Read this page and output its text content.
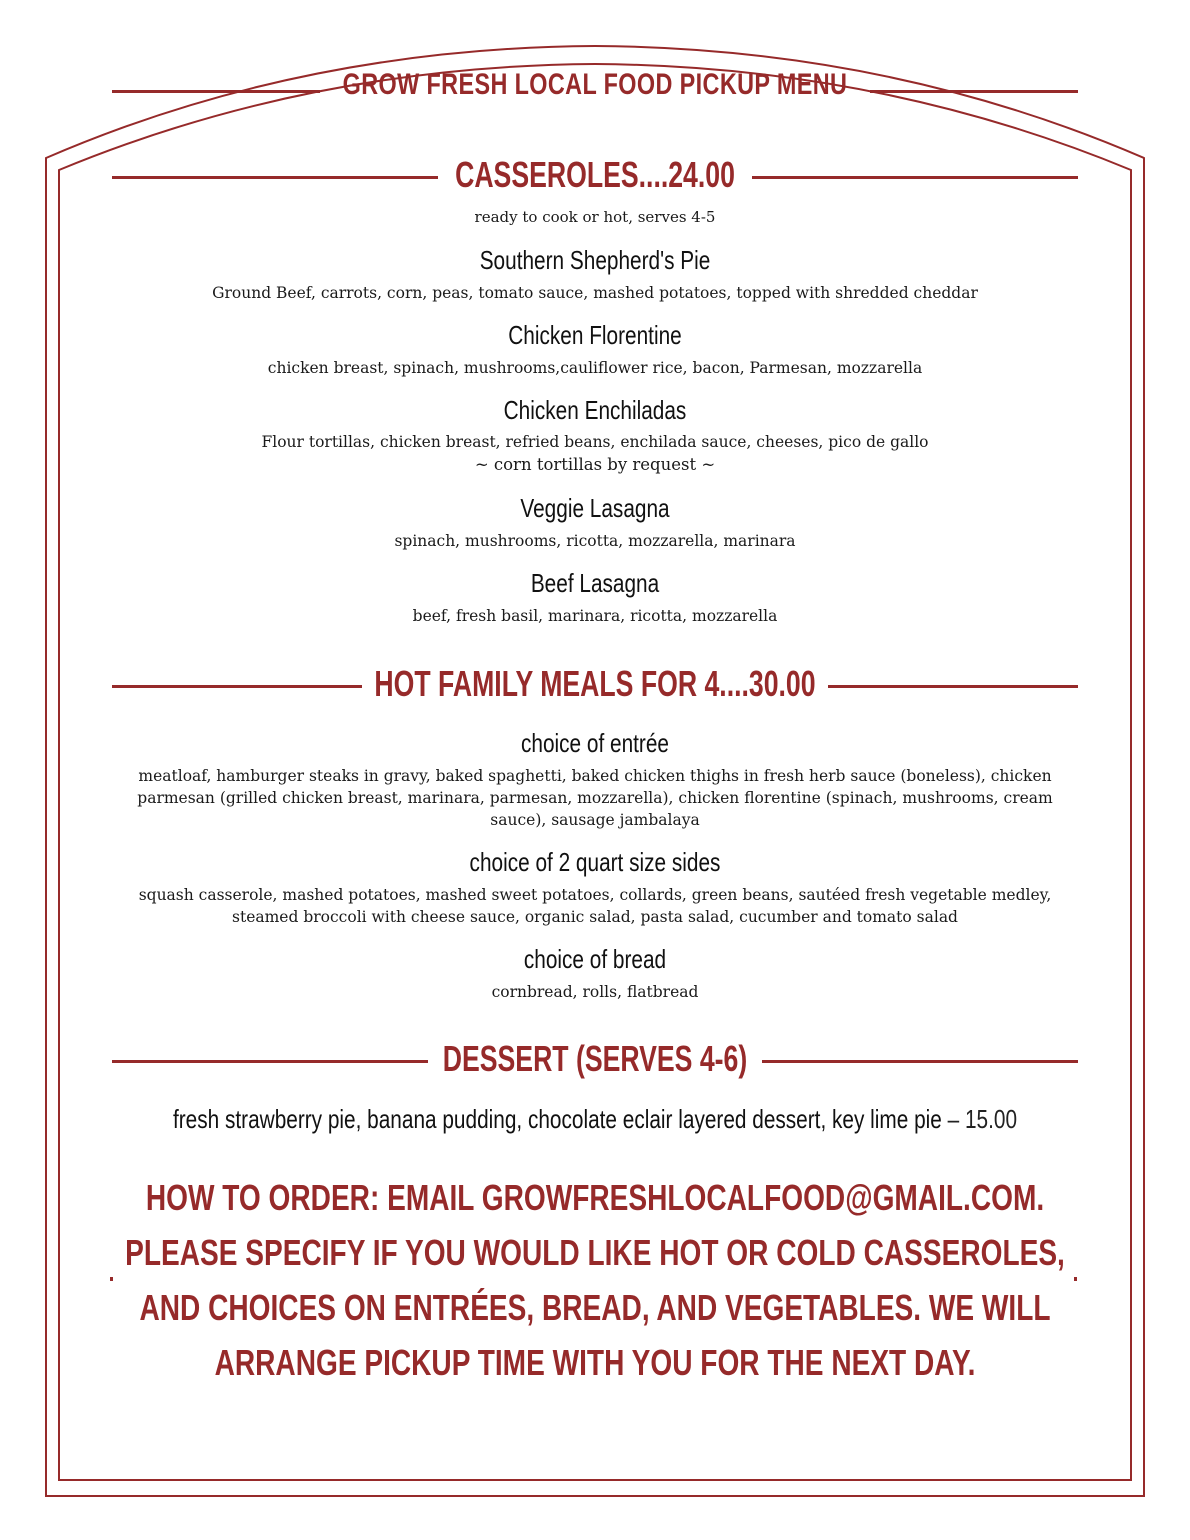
GROW FRESH LOCAL FOOD PICKUP MENU
CASSEROLES....24.00
ready to cook or hot, serves 4-5
Southern Shepherd's Pie
Ground Beef, carrots, corn, peas, tomato sauce, mashed potatoes, topped with shredded cheddar
Chicken Florentine
chicken breast, spinach, mushrooms,cauliflower rice, bacon, Parmesan, mozzarella
Chicken Enchiladas
Flour tortillas, chicken breast, refried beans, enchilada sauce, cheeses, pico de gallo
~ corn tortillas by request ~
Veggie Lasagna
spinach, mushrooms, ricotta, mozzarella, marinara
Beef Lasagna
beef, fresh basil, marinara, ricotta, mozzarella
HOT FAMILY MEALS FOR 4....30.00
choice of entrée
meatloaf, hamburger steaks in gravy, baked spaghetti, baked chicken thighs in fresh herb sauce (boneless), chicken parmesan (grilled chicken breast, marinara, parmesan, mozzarella), chicken florentine (spinach, mushrooms, cream sauce), sausage jambalaya
choice of 2 quart size sides
squash casserole, mashed potatoes, mashed sweet potatoes, collards, green beans, sautéed fresh vegetable medley, steamed broccoli with cheese sauce, organic salad, pasta salad, cucumber and tomato salad
choice of bread
cornbread, rolls, flatbread
DESSERT (SERVES 4-6)
fresh strawberry pie, banana pudding, chocolate eclair layered dessert, key lime pie – 15.00
HOW TO ORDER: EMAIL GROWFRESHLOCALFOOD@GMAIL.COM. PLEASE SPECIFY IF YOU WOULD LIKE HOT OR COLD CASSEROLES, AND CHOICES ON ENTRÉES, BREAD, AND VEGETABLES. WE WILL ARRANGE PICKUP TIME WITH YOU FOR THE NEXT DAY.
